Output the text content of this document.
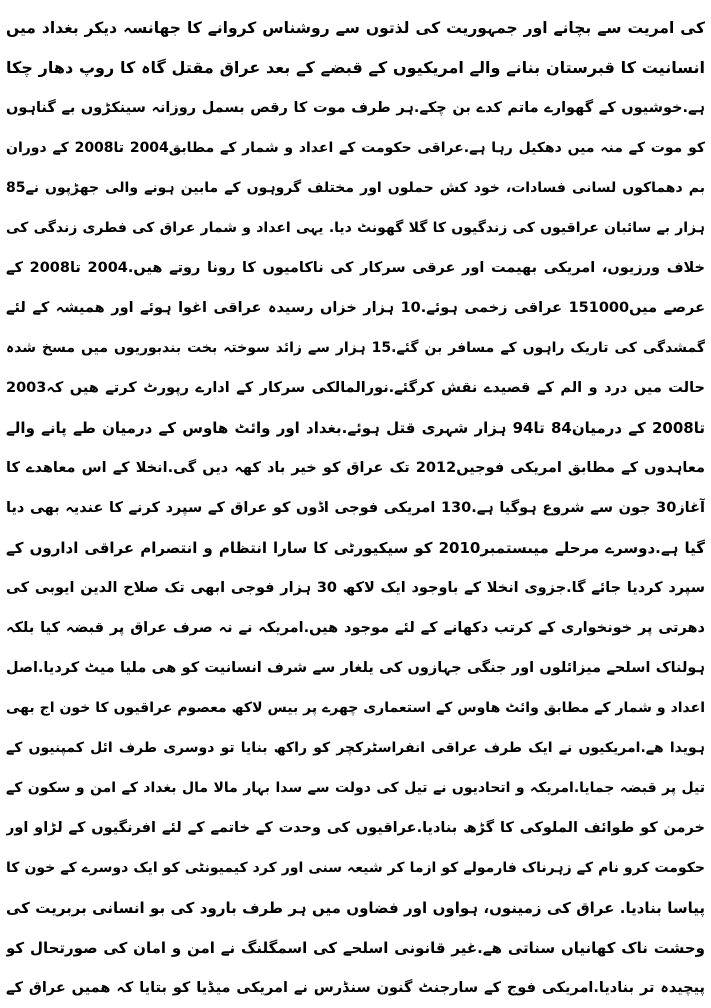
کی امریت سے بچانے اور جمہوریت کی لذتوں سے روشناس کروانے کا جھانسہ دیکر بغداد میں
انسانیت کا قبرستان بنانے والے امریکیوں کے قبضے کے بعد عراق مقتل گاہ کا روپ دھار چکا
ہے.خوشیوں کے گھوارے ماتم کدے بن چکے.ہر طرف موت کا رقص بسمل روزانہ سینکڑوں بے گناہوں
کو موت کے منہ میں دھکیل رہا ہے.عراقی حکومت کے اعداد و شمار کے مطابق2004 تا2008 کے دوران
بم دھماکوں لسانی فسادات، خود کش حملوں اور مختلف گروہوں کے مابین ہونے والی جھڑپوں نے85
ہزار بے سائبان عراقیوں کی زندگیوں کا گلا گھونٹ دیا. یہی اعداد و شمار عراق کی فطری زندگی کی
خلاف ورزیوں، امریکی بھیمت اور عرقی سرکار کی ناکامیوں کا رونا روتے ھیں.2004 تا2008 کے
عرصے میں151000 عراقی زخمی ہوئے.10 ہزار خزاں رسیدہ عراقی اغوا ہوئے اور ھمیشہ کے لئے
گمشدگی کی تاریک راہوں کے مسافر بن گئے.15 ہزار سے زائد سوختہ بخت بندبوریوں میں مسخ شدہ
حالت میں درد و الم کے قصیدے نقش کرگئے.نورالمالکی سرکار کے ادارے رپورٹ کرتے ھیں کہ2003
تا2008 کے درمیان84 تا94 ہزار شہری قتل ہوئے.بغداد اور وائٹ ھاوس کے درمیان طے پانے والے
معاہدوں کے مطابق امریکی فوجیں2012 تک عراق کو خیر باد کھہ دیں گی.انخلا کے اس معاھدے کا
آغاز30 جون سے شروع ہوگیا ہے.130 امریکی فوجی اڈوں کو عراق کے سپرد کرنے کا عندیہ بھی دیا
گیا ہے.دوسرے مرحلے میںستمبر2010 کو سیکیورٹی کا سارا انتظام و انتصرام عراقی اداروں کے
سپرد کردیا جائے گا.جزوی انخلا کے باوجود ایک لاکھ 30 ہزار فوجی ابھی تک صلاح الدین ایوبی کی
دھرتی پر خونخواری کے کرتب دکھانے کے لئے موجود ھیں.امریکہ نے نہ صرف عراق پر قبضہ کیا بلکہ
ہولناک اسلحے میزائلوں اور جنگی جہازوں کی یلغار سے شرف انسانیت کو ھی ملیا میٹ کردیا.اصل
اعداد و شمار کے مطابق وائٹ ھاوس کے استعماری چھرے پر بیس لاکھ معصوم عراقیوں کا خون اج بھی
ہویدا ھے.امریکیوں نے ایک طرف عراقی انفراسٹرکچر کو راکھ بنایا تو دوسری طرف ائل کمپنیوں کے
تیل پر قبضہ جمایا.امریکہ و اتحادیوں نے تیل کی دولت سے سدا بہار مالا مال بغداد کے امن و سکون کے
خرمن کو طوائف الملوکی کا گڑھ بنادیا.عراقیوں کی وحدت کے خاتمے کے لئے افرنگیوں کے لڑاو اور
حکومت کرو نام کے زہرناک فارمولے کو ازما کر شیعہ سنی اور کرد کیمیونٹی کو ایک دوسرے کے خون کا
پیاسا بنادیا. عراق کی زمینوں، ہواوں اور فضاوں میں ہر طرف بارود کی بو انسانی بربریت کی
وحشت ناک کھانیاں سناتی ھے.غیر قانونی اسلحے کی اسمگلنگ نے امن و امان کی صورتحال کو
پیچیدہ تر بنادیا.امریکی فوج کے سارجنٹ گنون سنڈرس نے امریکی میڈیا کو بتایا کہ ھمیں عراق کے
